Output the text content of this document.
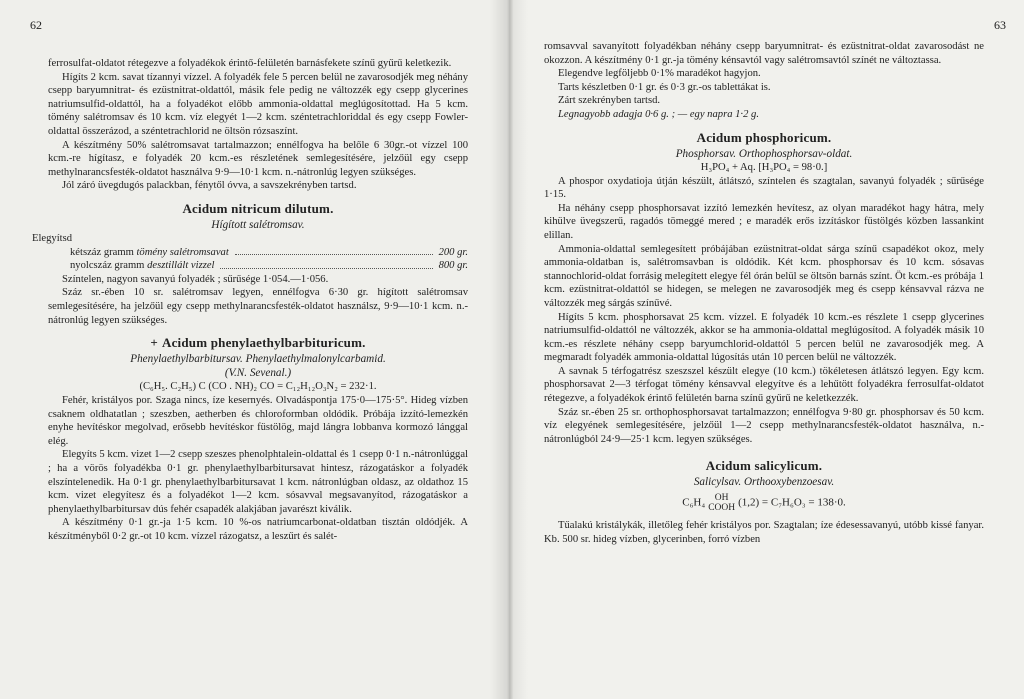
62

ferrosulfat-oldatot rétegezve a folyadékok érintő-felületén barnásfekete színű gyűrű keletkezik.

Hígíts 2 kcm. savat tízannyi vízzel. A folyadék fele 5 percen belül ne zavarosodjék meg néhány csepp baryumnitrat- és ezüstnitrat-oldattól, másik fele pedig ne változzék egy csepp glycerines natriumsulfid-oldattól, ha a folyadékot előbb ammonia-oldattal meglúgosítottad. Ha 5 kcm. tömény salétromsav és 10 kcm. víz elegyét 1—2 kcm. széntetrachloriddal és egy csepp Fowler-oldattal összerázod, a széntetrachlorid ne öltsön rózsaszínt.

A készítmény 50% salétromsavat tartalmazzon; ennélfogva ha belőle 6 30gr.-ot vízzel 100 kcm.-re hígítasz, e folyadék 20 kcm.-es részletének semlegesítésére, jelzőül egy csepp methylnarancsfesték-oldatot használva 9·9—10·1 kcm. n.-nátronlúg legyen szükséges.

Jól záró üvegdugós palackban, fénytől óvva, a savszekrényben tartsd.

Acidum nitricum dilutum.
Hígított salétromsav.

Elegyítsd

kétszáz gramm tömény salétromsavat	200 gr.
nyolcszáz gramm desztillált vizzel	800 gr.

Színtelen, nagyon savanyú folyadék ; sűrűsége 1·054.—1·056.

Száz sr.-ében 10 sr. salétromsav legyen, ennélfogva 6·30 gr. hígított salétromsav semlegesítésére, ha jelzőül egy csepp methylnarancsfesték-oldatot használsz, 9·9—10·1 kcm. n.-nátronlúg legyen szükséges.

+ Acidum phenylaethylbarbituricum.
Phenylaethylbarbitursav. Phenylaethylmalonylcarbamid.
(V.N. Sevenal.)
(C₆H₅. C₂H₅) C (CO . NH)₂ CO = C₁₂H₁₂O₃N₂ = 232·1.

Fehér, kristályos por. Szaga nincs, íze kesernyés. Olvadáspontja 175·0—175·5°. Hideg vízben csaknem oldhatatlan ; szeszben, aetherben és chloroformban oldódik. Próbája izzító-lemezkén enyhe hevítéskor megolvad, erősebb hevítéskor füstölög, majd lángra lobbanva kormozó lánggal elég.

Elegyíts 5 kcm. vizet 1—2 csepp szeszes phenolphtalein-oldattal és 1 csepp 0·1 n.-nátronlúggal ; ha a vörös folyadékba 0·1 gr. phenylaethylbarbitursavat hintesz, rázogatáskor a folyadék elszíntelenedik. Ha 0·1 gr. phenylaethylbarbitursavat 1 kcm. nátronlúgban oldasz, az oldathoz 15 kcm. vizet elegyítesz és a folyadékot 1—2 kcm. sósavval megsavanyítod, rázogatáskor a phenylaethylbarbitursav dús fehér csapadék alakjában javarészt kiválik.

A készítmény 0·1 gr.-ja 1·5 kcm. 10 %-os natriumcarbonat-oldatban tisztán oldódjék. A készítményből 0·2 gr.-ot 10 kcm. vízzel rázogatsz, a leszűrt és salét-

63

romsavval savanyított folyadékban néhány csepp baryumnitrat- és ezüstnitrat-oldat zavarosodást ne okozzon. A készítmény 0·1 gr.-ja tömény kénsavtól vagy salétromsavtól színét ne változtassa.

Elegendve legföljebb 0·1% maradékot hagyjon.

Tarts készletben 0·1 gr. és 0·3 gr.-os tablettákat is.

Zárt szekrényben tartsd.

Legnagyobb adagja 0·6 g. ; — egy napra 1·2 g.

Acidum phosphoricum.
Phosphorsav. Orthophosphorsav-oldat.
H₃PO₄ + Aq. [H₃PO₄ = 98·0.]

A phospor oxydatioja útján készült, átlátszó, színtelen és szagtalan, savanyú folyadék ; sűrűsége 1·15.

Ha néhány csepp phosphorsavat izzító lemezkén hevítesz, az olyan maradékot hagy hátra, mely kihülve üvegszerű, ragadós tömeggé mered ; e maradék erős izzításkor füstölgés közben lassankint elillan.

Ammonia-oldattal semlegesített próbájában ezüstnitrat-oldat sárga színű csapadékot okoz, mely ammonia-oldatban is, salétromsavban is oldódik. Két kcm. phosphorsav és 10 kcm. sósavas stannochlorid-oldat forrásig melegített elegye fél órán belül se öltsön barnás színt. Öt kcm.-es próbája 1 kcm. ezüstnitrat-oldattól se hidegen, se melegen ne zavarosodjék meg és csepp kénsavval rázva ne változzék meg sárgás színűvé.

Hígíts 5 kcm. phosphorsavat 25 kcm. vízzel. E folyadék 10 kcm.-es részlete 1 csepp glycerines natriumsulfid-oldattól ne változzék, akkor se ha ammonia-oldattal meglúgosítod. A folyadék másik 10 kcm.-es részlete néhány csepp baryumchlorid-oldattól 5 percen belül ne zavarosodjék meg. A megmaradt folyadék ammonia-oldattal lúgosítás után 10 percen belül ne változzék.

A savnak 5 térfogatrész szeszszel készült elegye (10 kcm.) tökéletesen átlátszó legyen. Egy kcm. phosphorsavat 2—3 térfogat tömény kénsavval elegyítve és a lehűtött folyadékra ferrosulfat-oldatot rétegezve, a folyadékok érintő felületén barna színű gyűrű ne keletkezzék.

Száz sr.-ében 25 sr. orthophosphorsavat tartalmazzon; ennélfogva 9·80 gr. phosphorsav és 50 kcm. víz elegyének semlegesítésére, jelzőül 1—2 csepp methylnarancsfesték-oldatot használva, n.-nátronlúgból 24·9—25·1 kcm. legyen szükséges.

Acidum salicylicum.
Salicylsav. Orthooxybenzoesav.
C₆H₄	OH
COOH (1,2) = C₇H₆O₃ = 138·0.

Tűalakú kristálykák, illetőleg fehér kristályos por. Szagtalan; íze édesessavanyú, utóbb kissé fanyar. Kb. 500 sr. hideg vízben, glycerinben, forró vízben
